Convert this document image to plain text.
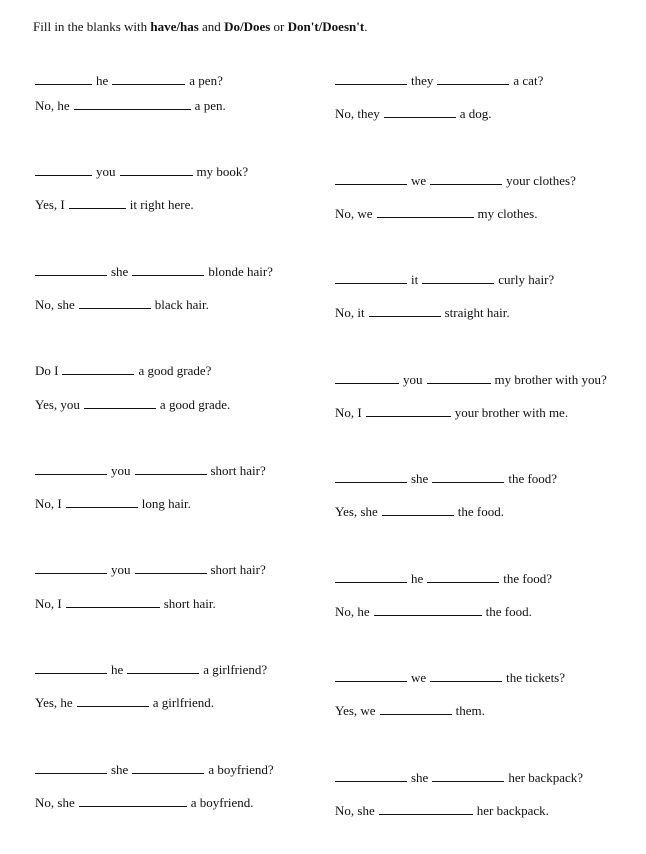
Fill in the blanks with have/has and Do/Does or Don't/Doesn't.
he	a pen?
No, he	a pen.
you	my book?
Yes, I	it right here.
she	blonde hair?
No, she	black hair.
Do I	a good grade?
Yes, you	a good grade.
you	short hair?
No, I	long hair.
you	short hair?
No, I	short hair.
he	a girlfriend?
Yes, he	a girlfriend.
she	a boyfriend?
No, she	a boyfriend.
they	a cat?
No, they	a dog.
we	your clothes?
No, we	my clothes.
it	curly hair?
No, it	straight hair.
you	my brother with you?
No, I	your brother with me.
she	the food?
Yes, she	the food.
he	the food?
No, he	the food.
we	the tickets?
Yes, we	them.
she	her backpack?
No, she	her backpack.
